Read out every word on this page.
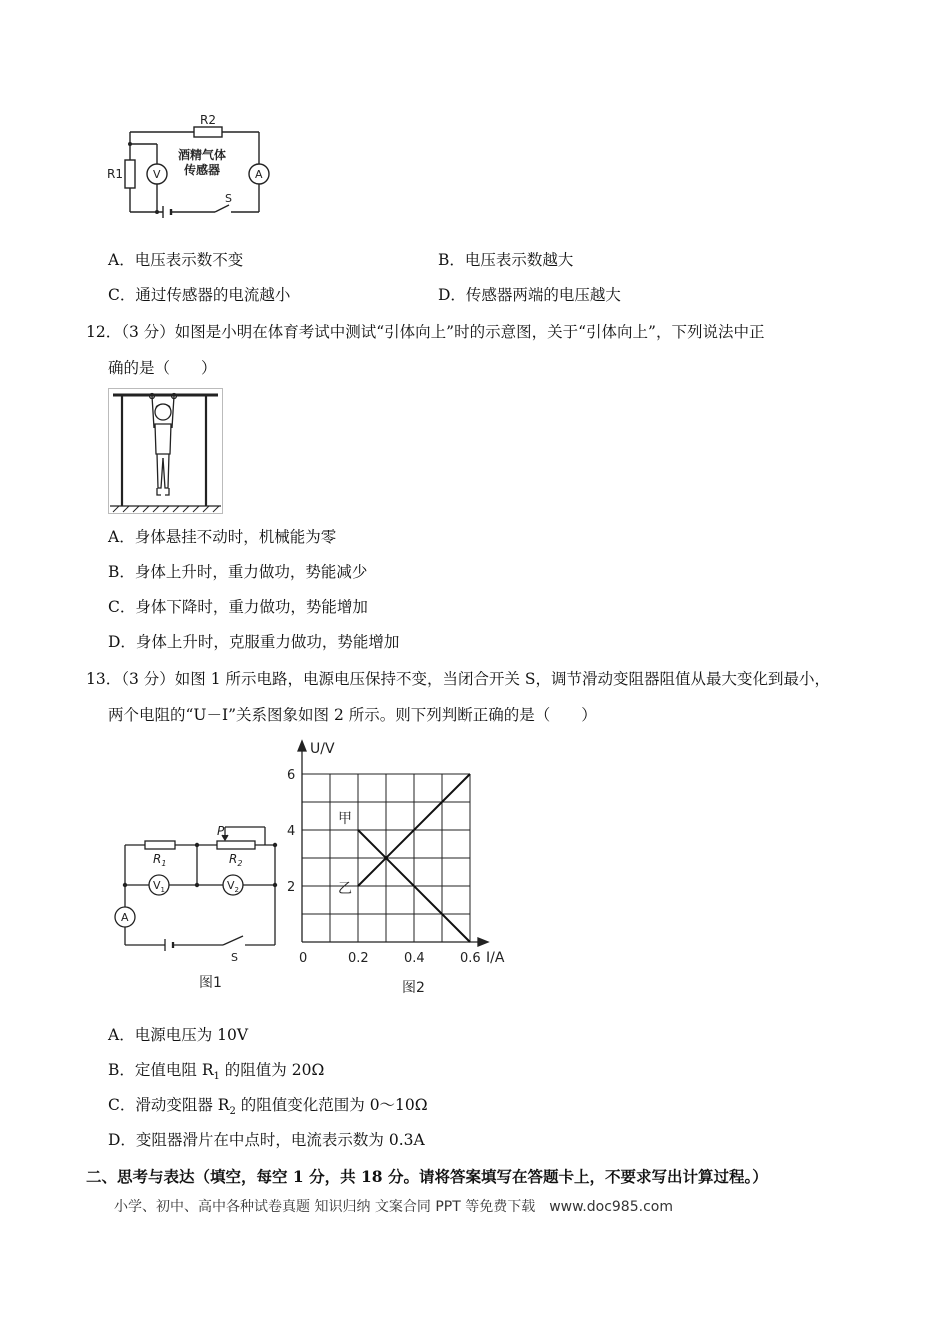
R2
R1	V	A
S
酒精气体
传感器
A．电压表示数不变	B．电压表示数越大
C．通过传感器的电流越小	D．传感器两端的电压越大
12．（3 分）如图是小明在体育考试中测试“引体向上”时的示意图，关于“引体向上”，下列说法中正
确的是（　　）
A．身体悬挂不动时，机械能为零
B．身体上升时，重力做功，势能减少
C．身体下降时，重力做功，势能增加
D．身体上升时，克服重力做功，势能增加
13．（3 分）如图 1 所示电路，电源电压保持不变，当闭合开关 S，调节滑动变阻器阻值从最大变化到最小，
两个电阻的“U－I”关系图象如图 2 所示。则下列判断正确的是（　　）
P
$R_1$	$R_2$
$V_1$	$V_2$
A
S
图1
6
4
2
0	0.2	0.4	0.6
U/V
I/A
甲
乙
图2
A．电源电压为 10V
B．定值电阻 $R_1$ 的阻值为 20Ω
C．滑动变阻器 $R_2$ 的阻值变化范围为 0～10Ω
D．变阻器滑片在中点时，电流表示数为 0.3A
二、思考与表达（填空，每空 1 分，共 18 分。请将答案填写在答题卡上，不要求写出计算过程。）
小学、初中、高中各种试卷真题 知识归纳 文案合同 PPT 等免费下载　www.doc985.com
